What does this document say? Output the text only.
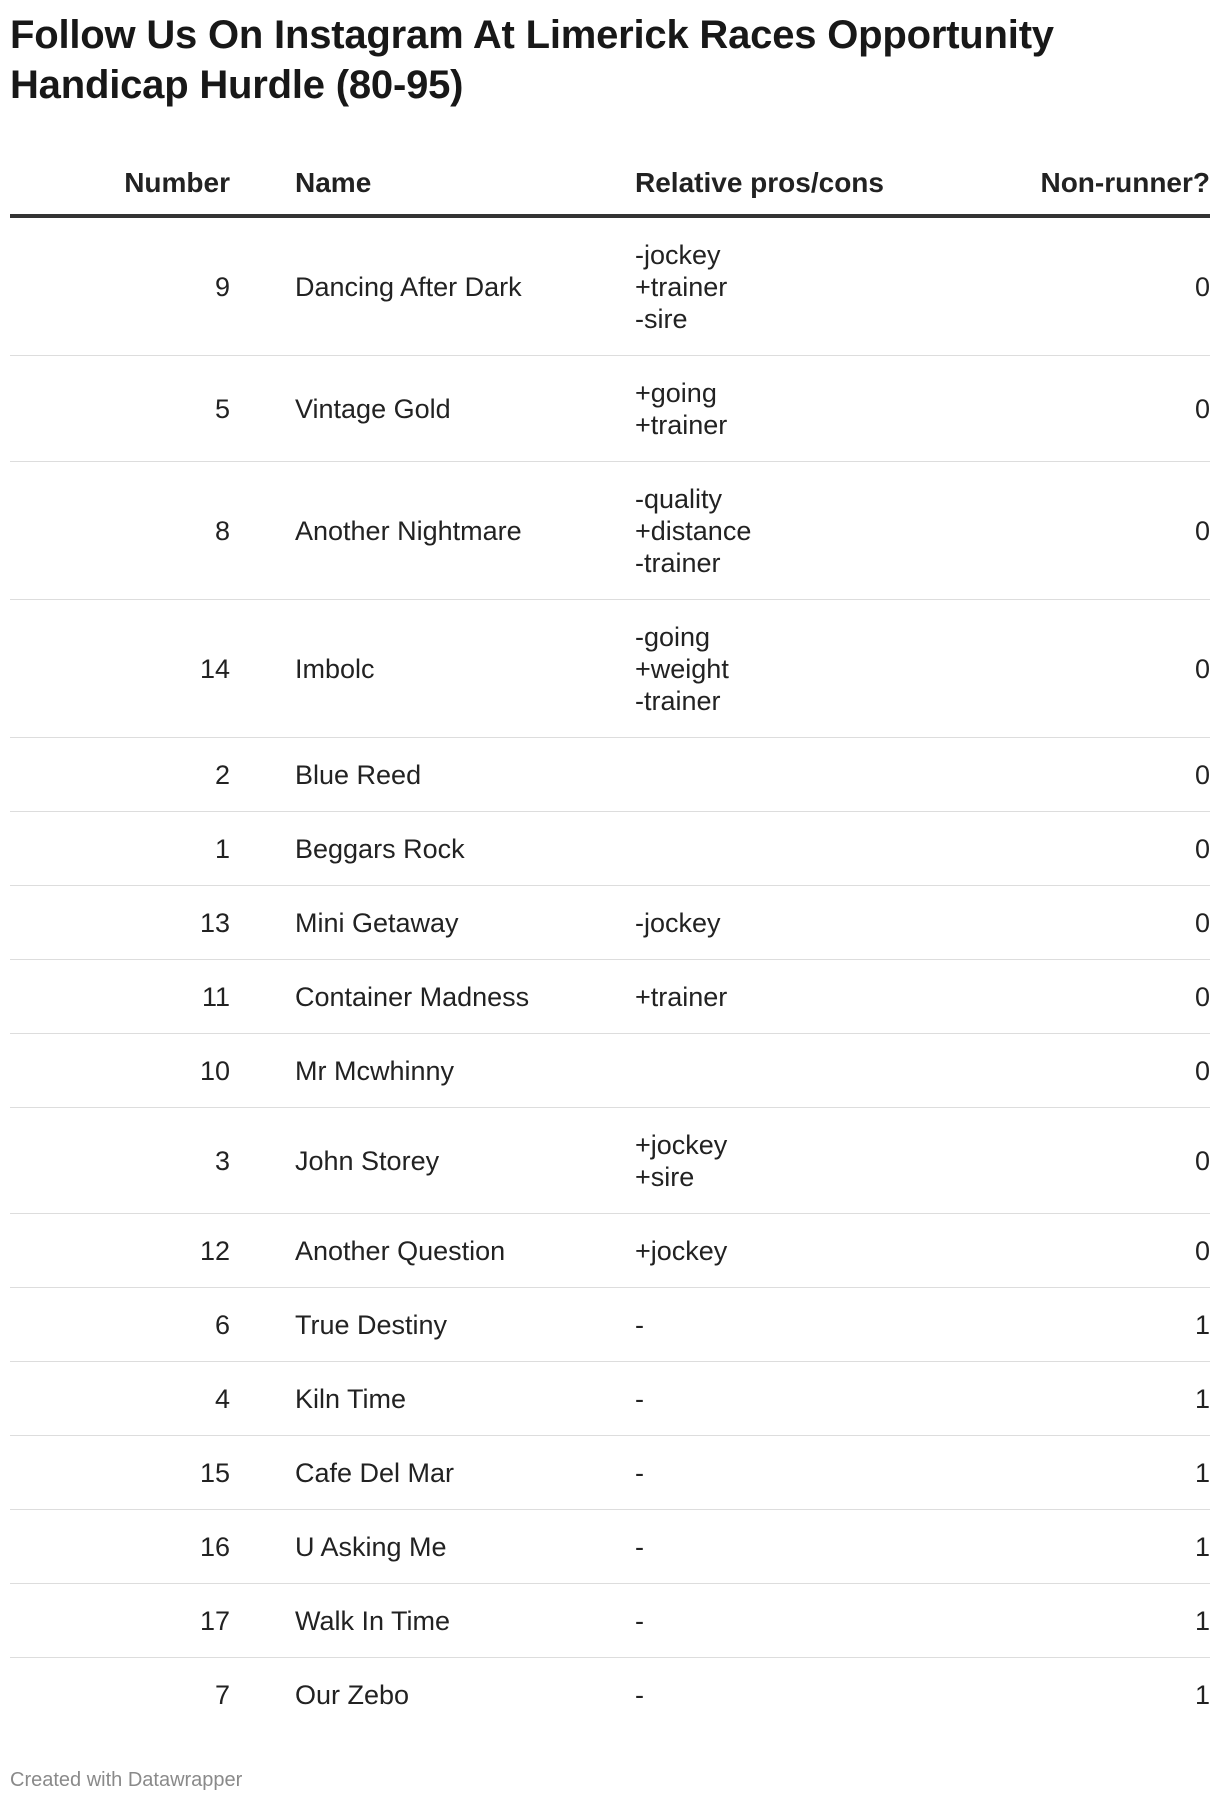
Follow Us On Instagram At Limerick Races Opportunity Handicap Hurdle (80-95)
Number		Name	Relative pros/cons	Non-runner?
9		Dancing After Dark	-jockey
+trainer
-sire	0
5		Vintage Gold	+going
+trainer	0
8		Another Nightmare	-quality
+distance
-trainer	0
14		Imbolc	-going
+weight
-trainer	0
2		Blue Reed		0
1		Beggars Rock		0
13		Mini Getaway	-jockey	0
11		Container Madness	+trainer	0
10		Mr Mcwhinny		0
3		John Storey	+jockey
+sire	0
12		Another Question	+jockey	0
6		True Destiny	-	1
4		Kiln Time	-	1
15		Cafe Del Mar	-	1
16		U Asking Me	-	1
17		Walk In Time	-	1
7		Our Zebo	-	1
Created with Datawrapper
